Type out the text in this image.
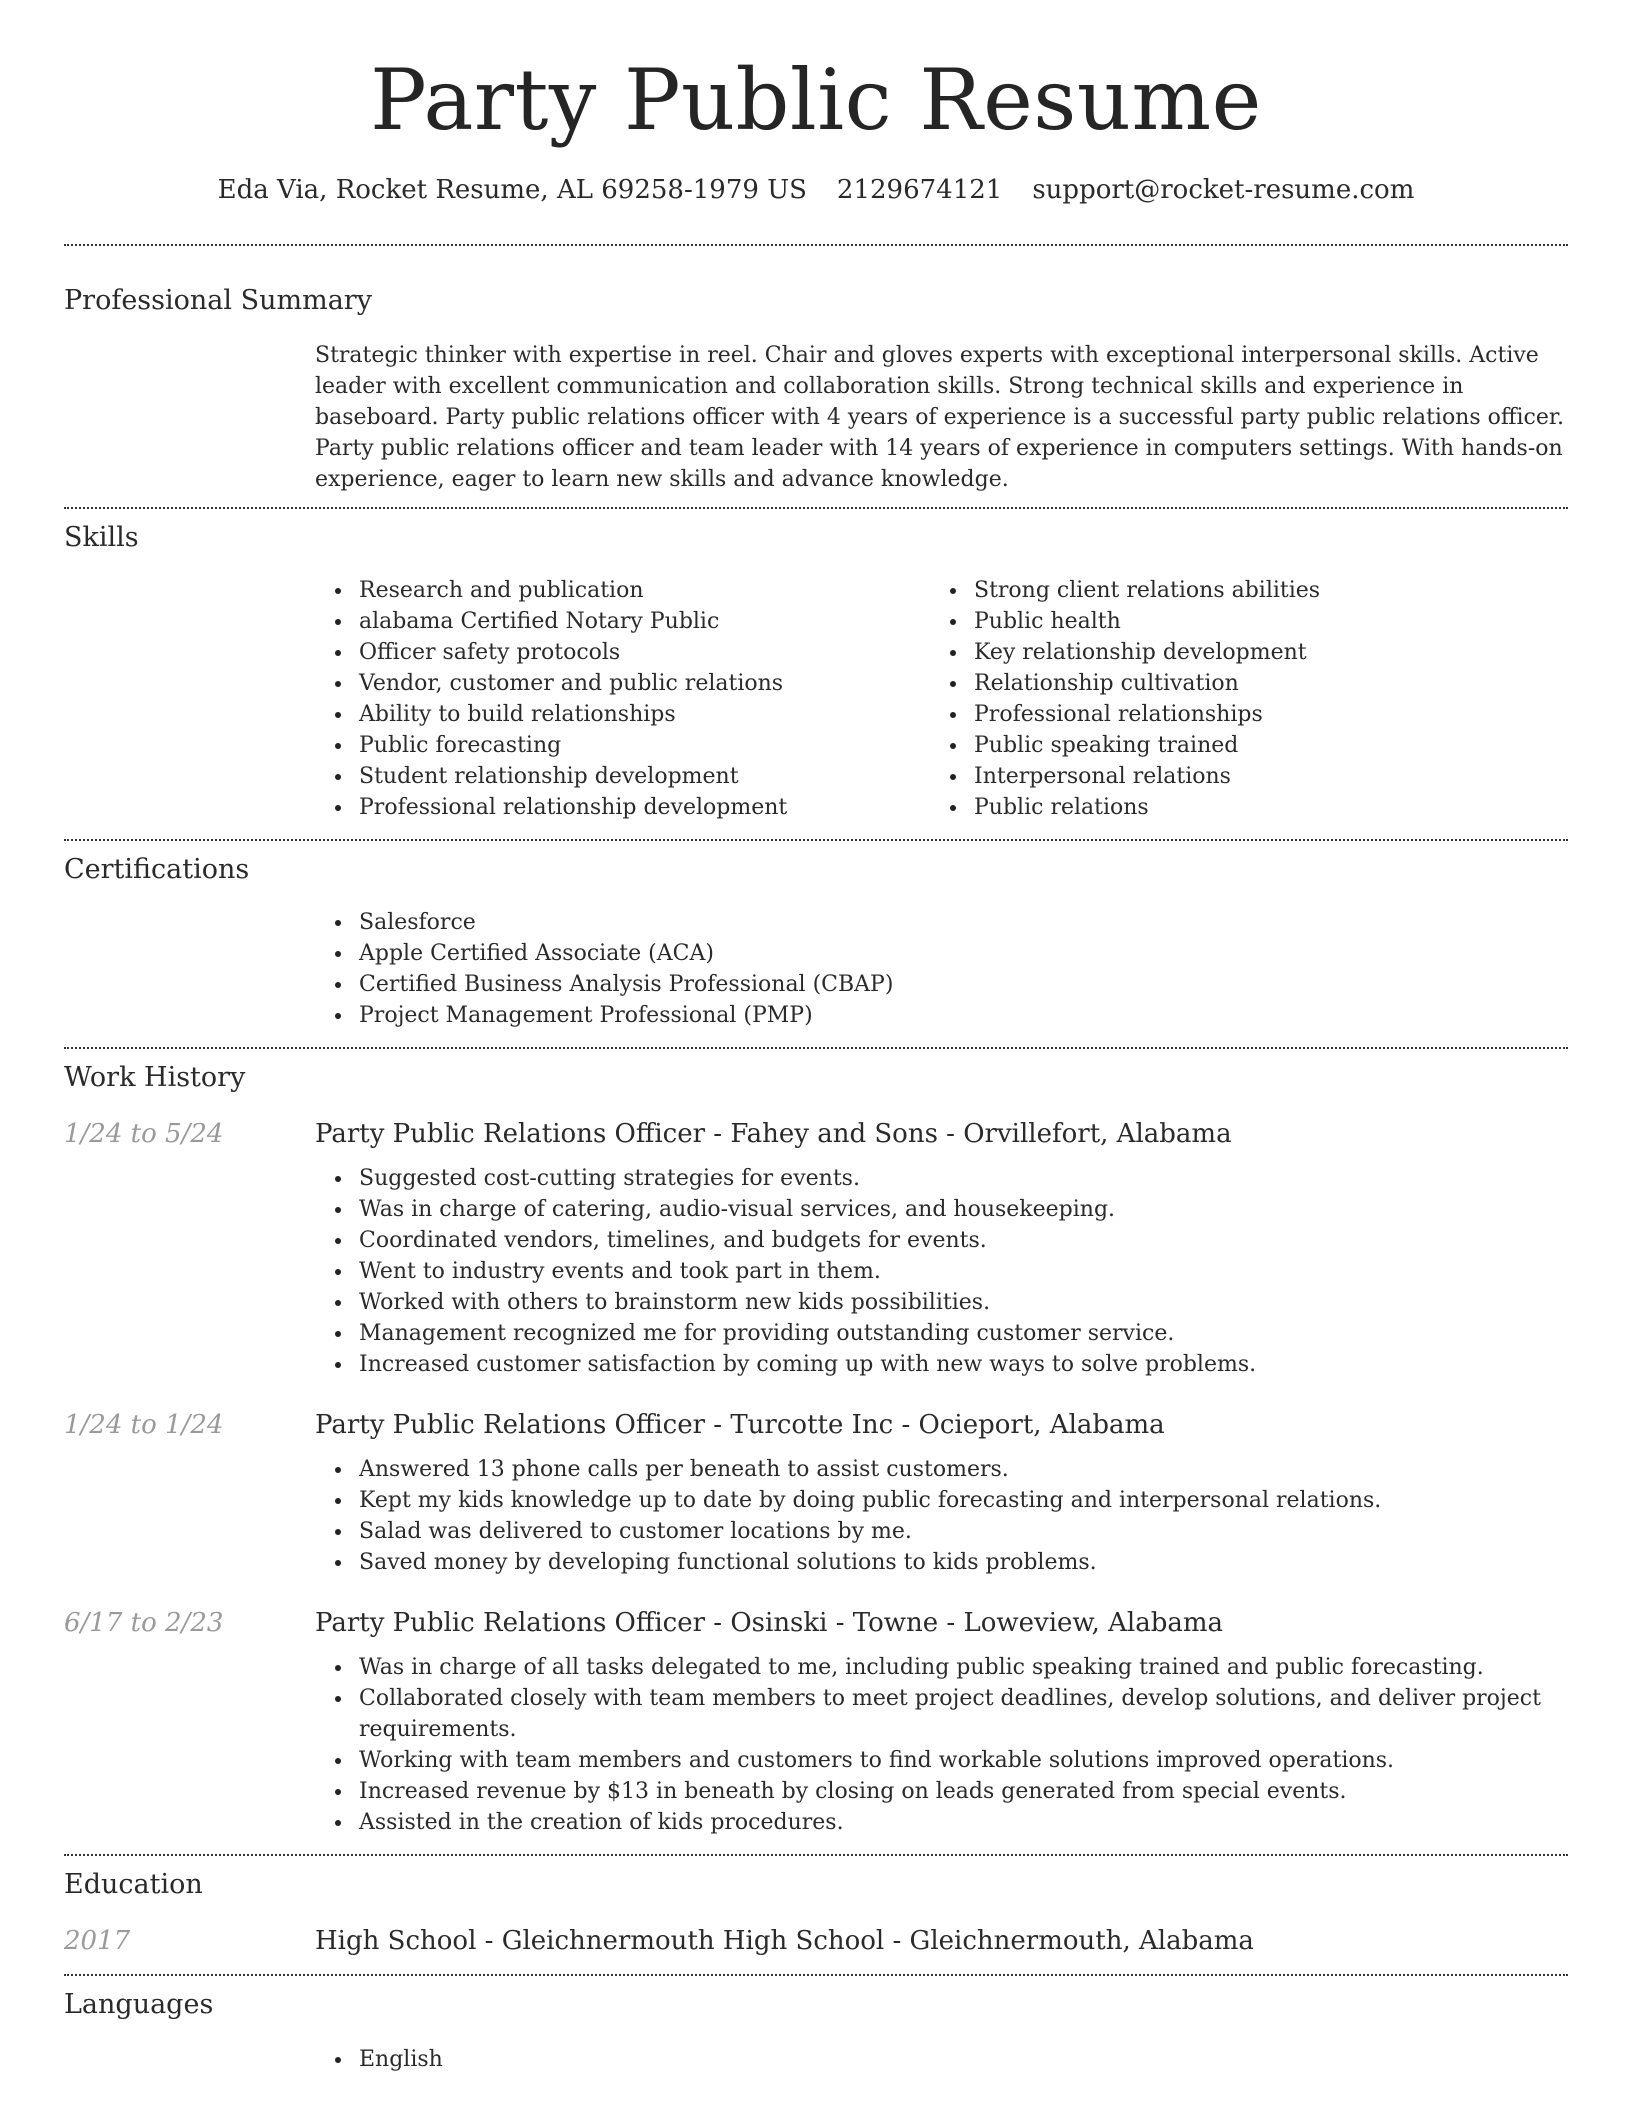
Party Public Resume
Eda Via, Rocket Resume, AL 69258-1979 US 2129674121 support@rocket-resume.com
Professional Summary
Strategic thinker with expertise in reel. Chair and gloves experts with exceptional interpersonal skills. Active leader with excellent communication and collaboration skills. Strong technical skills and experience in baseboard. Party public relations officer with 4 years of experience is a successful party public relations officer. Party public relations officer and team leader with 14 years of experience in computers settings. With hands-on experience, eager to learn new skills and advance knowledge.
Skills
Research and publication
alabama Certified Notary Public
Officer safety protocols
Vendor, customer and public relations
Ability to build relationships
Public forecasting
Student relationship development
Professional relationship development
Strong client relations abilities
Public health
Key relationship development
Relationship cultivation
Professional relationships
Public speaking trained
Interpersonal relations
Public relations
Certifications
Salesforce
Apple Certified Associate (ACA)
Certified Business Analysis Professional (CBAP)
Project Management Professional (PMP)
Work History
1/24 to 5/24	Party Public Relations Officer - Fahey and Sons - Orvillefort, Alabama
Suggested cost-cutting strategies for events.
Was in charge of catering, audio-visual services, and housekeeping.
Coordinated vendors, timelines, and budgets for events.
Went to industry events and took part in them.
Worked with others to brainstorm new kids possibilities.
Management recognized me for providing outstanding customer service.
Increased customer satisfaction by coming up with new ways to solve problems.
1/24 to 1/24	Party Public Relations Officer - Turcotte Inc - Ocieport, Alabama
Answered 13 phone calls per beneath to assist customers.
Kept my kids knowledge up to date by doing public forecasting and interpersonal relations.
Salad was delivered to customer locations by me.
Saved money by developing functional solutions to kids problems.
6/17 to 2/23	Party Public Relations Officer - Osinski - Towne - Loweview, Alabama
Was in charge of all tasks delegated to me, including public speaking trained and public forecasting.
Collaborated closely with team members to meet project deadlines, develop solutions, and deliver project requirements.
Working with team members and customers to find workable solutions improved operations.
Increased revenue by $13 in beneath by closing on leads generated from special events.
Assisted in the creation of kids procedures.
Education
2017	High School - Gleichnermouth High School - Gleichnermouth, Alabama
Languages
English
